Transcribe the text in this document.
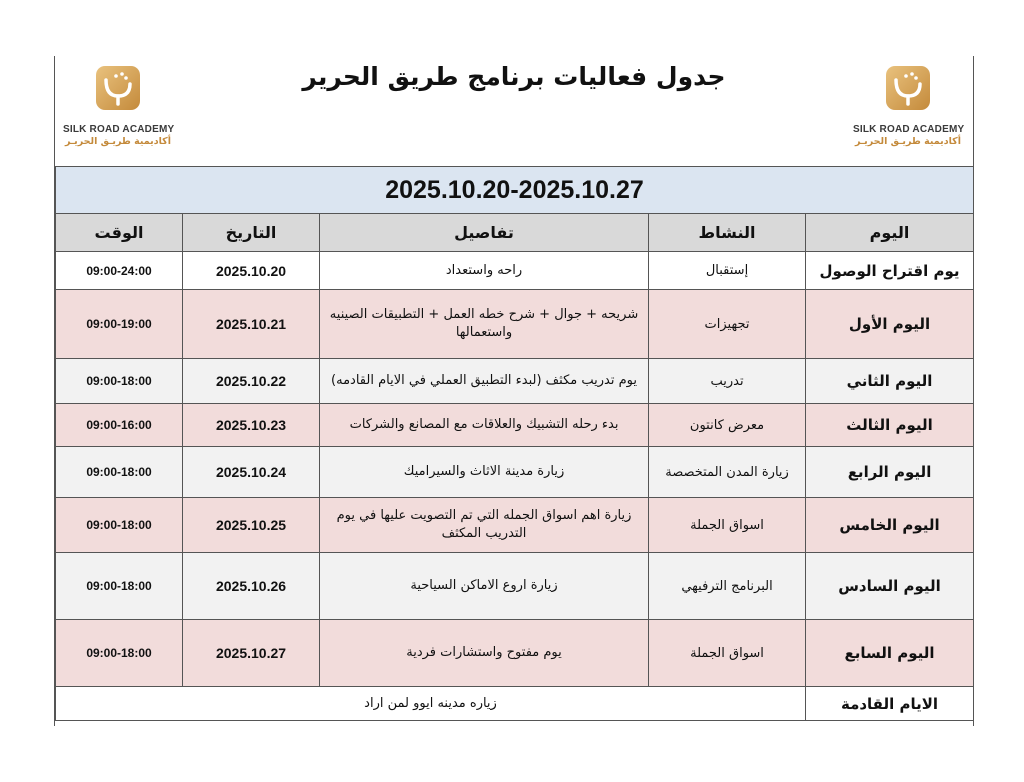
SILK ROAD ACADEMY
أكاديمية طريـق الحريـر
جدول فعاليات برنامج طريق الحرير
SILK ROAD ACADEMY
أكاديمية طريـق الحريـر
2025.10.20-2025.10.27				
اليوم	النشاط	تفاصيل	التاريخ	الوقت
يوم اقتراح الوصول	إستقبال	راحه واستعداد	2025.10.20	09:00-24:00
اليوم الأول	تجهيزات	شريحه + جوال + شرح خطه العمل + التطبيقات الصينيه واستعمالها	2025.10.21	09:00-19:00
اليوم الثاني	تدريب	يوم تدريب مكثف (لبدء التطبيق العملي في الايام القادمه)	2025.10.22	09:00-18:00
اليوم الثالث	معرض كانتون	بدء رحله التشبيك والعلاقات مع المصانع والشركات	2025.10.23	09:00-16:00
اليوم الرابع	زيارة المدن المتخصصة	زيارة مدينة الاثاث والسيراميك	2025.10.24	09:00-18:00
اليوم الخامس	اسواق الجملة	زيارة اهم اسواق الجمله التي تم التصويت عليها في يوم التدريب المكثف	2025.10.25	09:00-18:00
اليوم السادس	البرنامج الترفيهي	زيارة اروع الاماكن السياحية	2025.10.26	09:00-18:00
اليوم السابع	اسواق الجملة	يوم مفتوح واستشارات فردية	2025.10.27	09:00-18:00
الايام القادمة	زياره مدينه ايوو لمن اراد			
